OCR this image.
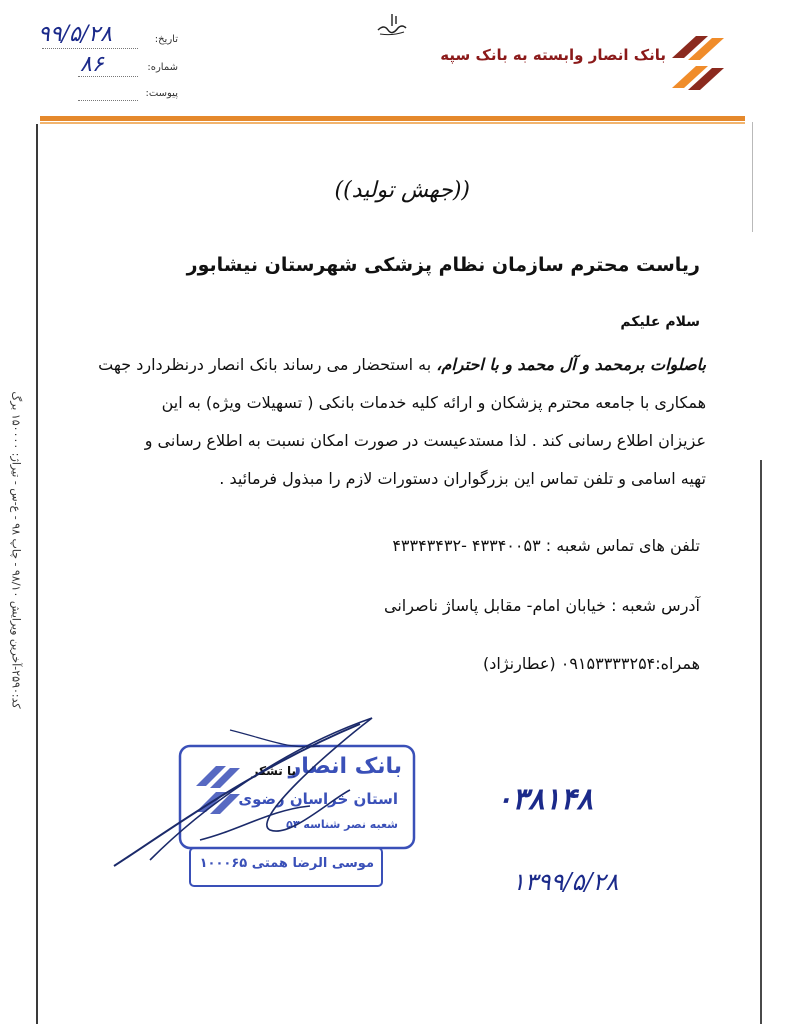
بانک انصار وابسته به بانک سپه
تاریخ:
شماره:
پیوست:
۹۹/۵/۲۸
۸۶
کد:۲۵۹۰-آخرین ویرایش ۹۸/۱۰ - چاپ ۹۸ - ع-س - تیراژ: ۱۵۰۰۰۰ برگ
((جهش تولید))
ریاست محترم سازمان نظام پزشکی شهرستان نیشابور
سلام علیکم
باصلوات برمحمد و آل محمد و با احترام، به استحضار می رساند بانک انصار درنظردارد جهت
همکاری با جامعه محترم پزشکان و ارائه کلیه خدمات بانکی ( تسهیلات ویژه) به این
عزیزان اطلاع رسانی کند . لذا مستدعیست در صورت امکان نسبت به اطلاع رسانی و
تهیه اسامی و تلفن تماس این بزرگواران دستورات لازم را مبذول فرمائید .
تلفن های تماس شعبه : ۴۳۳۴۰۰۵۳ -۴۳۳۴۳۴۳۲
آدرس شعبه : خیابان امام- مقابل پاساژ ناصرانی
همراه:۰۹۱۵۳۳۳۳۲۵۴ (عطارنژاد)
بانک انصار
استان خراسان رضوی
شعبه نصر شناسه ۵۳
موسی الرضا همتی ۱۰۰۰۶۵
با تشکر
۰۳۸۱۴۸
۱۳۹۹/۵/۲۸
